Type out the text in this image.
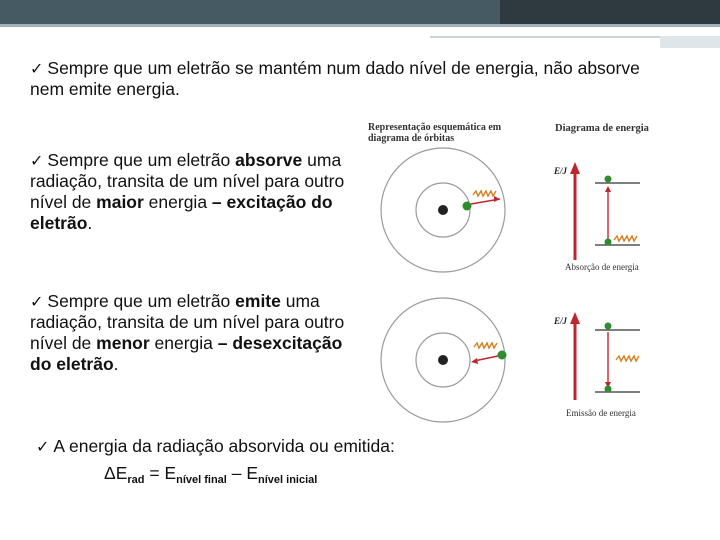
✓ Sempre que um eletrão se mantém num dado nível de energia, não absorve nem emite energia.
✓ Sempre que um eletrão absorve uma radiação, transita de um nível para outro nível de maior energia – excitação do eletrão.
✓ Sempre que um eletrão emite uma radiação, transita de um nível para outro nível de menor energia – desexcitação do eletrão.
✓ A energia da radiação absorvida ou emitida:
$\Delta E_{rad} = E_{nível final} - E_{nível inicial}$
Representação esquemática em
diagrama de órbitas
Diagrama de energia
E/J
Absorção de energia
E/J
Emissão de energia
